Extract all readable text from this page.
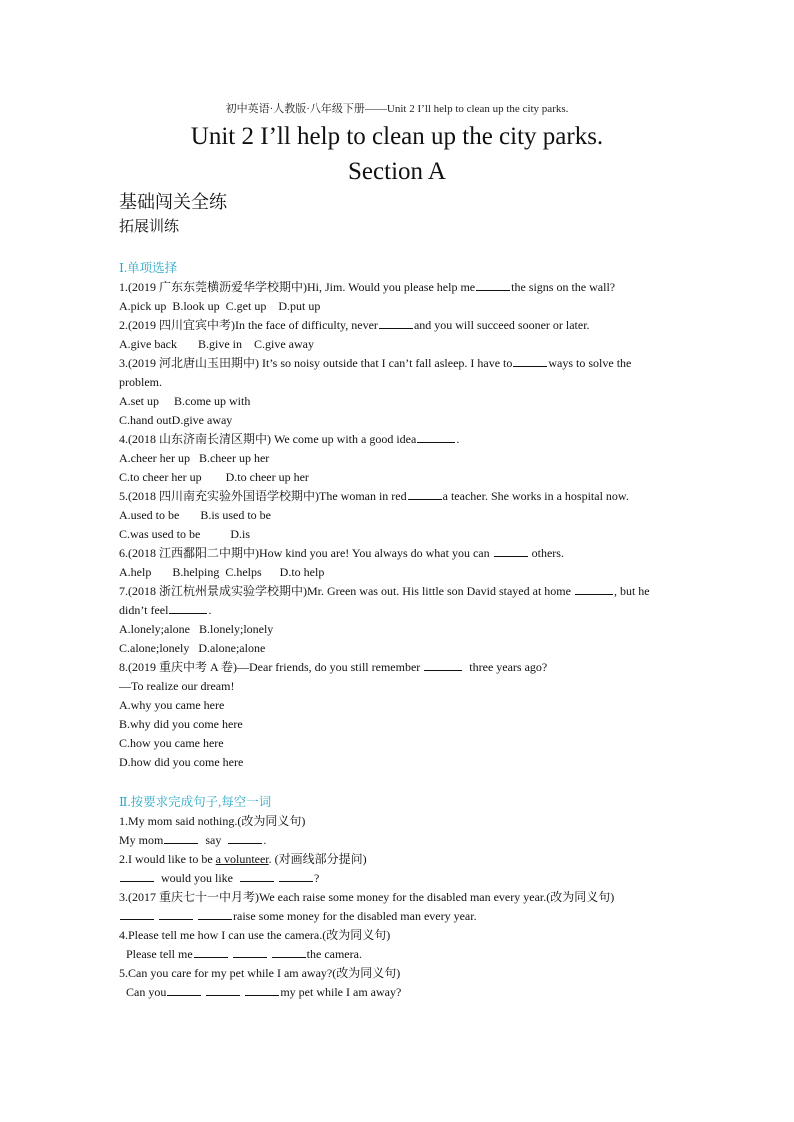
初中英语·人教版·八年级下册——Unit 2 I’ll help to clean up the city parks.
Unit 2 I’ll help to clean up the city parks.
Section A
基础闯关全练
拓展训练

Ⅰ.单项选择

1.(2019 广东东莞横沥爱华学校期中)Hi, Jim. Would you please help me	the signs on the wall?

A.pick up  B.look up  C.get up    D.put up

2.(2019 四川宜宾中考)In the face of difficulty, never	and you will succeed sooner or later.

A.give back       B.give in    C.give away

3.(2019 河北唐山玉田期中) It’s so noisy outside that I can’t fall asleep. I have to	ways to solve the

problem.

A.set up     B.come up with

C.hand outD.give away

4.(2018 山东济南长清区期中) We come up with a good idea	.

A.cheer her up   B.cheer up her

C.to cheer her up        D.to cheer up her

5.(2018 四川南充实验外国语学校期中)The woman in red	a teacher. She works in a hospital now.

A.used to be       B.is used to be

C.was used to be          D.is

6.(2018 江西鄱阳二中期中)How kind you are! You always do what you can	others.

A.help       B.helping  C.helps      D.to help

7.(2018 浙江杭州景成实验学校期中)Mr. Green was out. His little son David stayed at home	, but he

didn’t feel	.

A.lonely;alone   B.lonely;lonely

C.alone;lonely   D.alone;alone

8.(2019 重庆中考 A 卷)—Dear friends, do you still remember	three years ago?

—To realize our dream!

A.why you came here

B.why did you come here

C.how you came here

D.how did you come here

Ⅱ.按要求完成句子,每空一词

1.My mom said nothing.(改为同义句)

My mom	say	.

2.I would like to be a volunteer. (对画线部分提问)

would you like	?

3.(2017 重庆七十一中月考)We each raise some money for the disabled man every year.(改为同义句)

raise some money for the disabled man every year.

4.Please tell me how I can use the camera.(改为同义句)

Please tell me	the camera.

5.Can you care for my pet while I am away?(改为同义句)

Can you	my pet while I am away?
